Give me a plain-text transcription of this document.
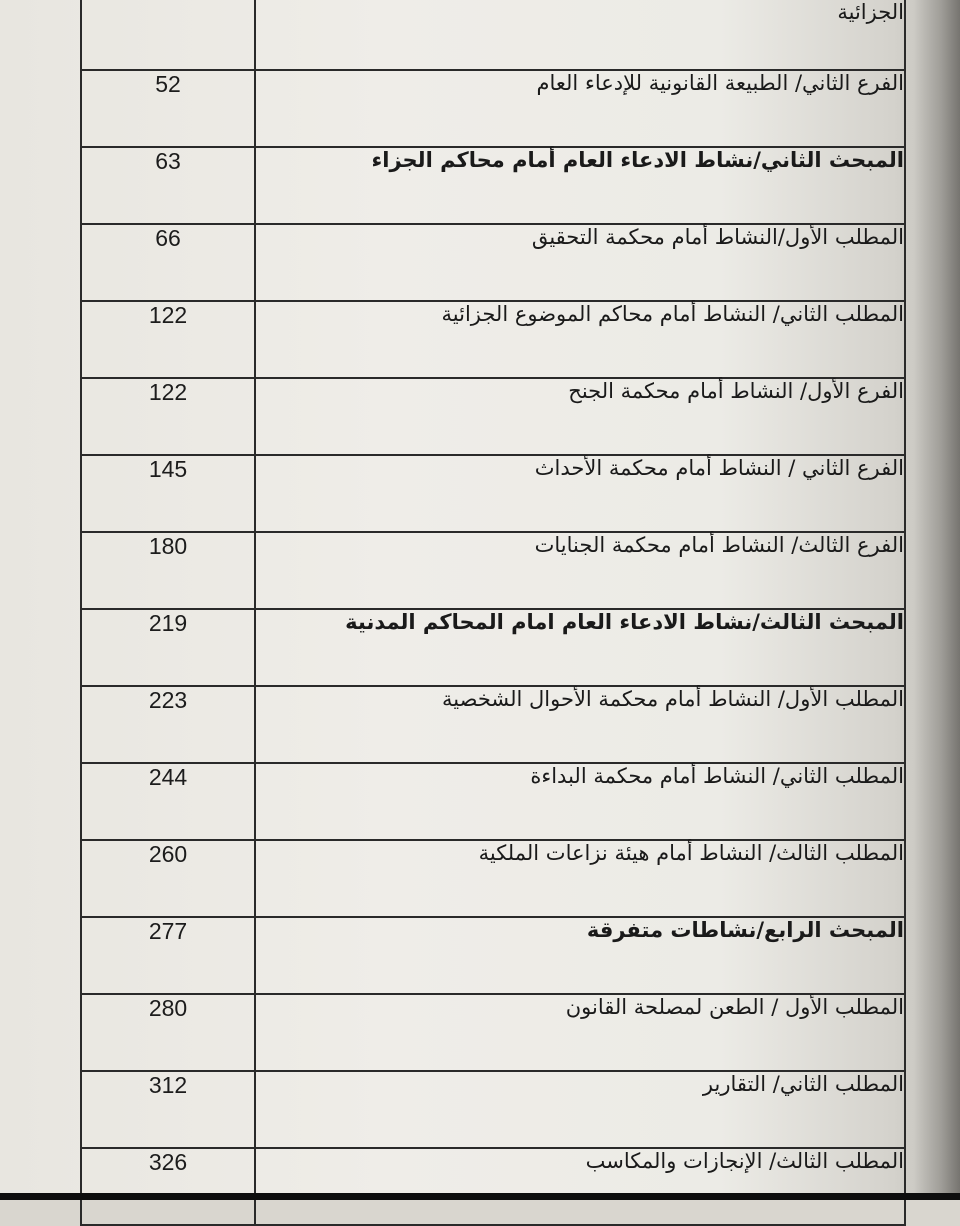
	الجزائية
52	الفرع الثاني/ الطبيعة القانونية للإدعاء العام
63	المبحث الثاني/نشاط الادعاء العام أمام محاكم الجزاء
66	المطلب الأول/النشاط أمام محكمة التحقيق
122	المطلب الثاني/ النشاط أمام محاكم الموضوع الجزائية
122	الفرع الأول/ النشاط أمام محكمة الجنح
145	الفرع الثاني / النشاط أمام محكمة الأحداث
180	الفرع الثالث/ النشاط أمام محكمة الجنايات
219	المبحث الثالث/نشاط الادعاء العام امام المحاكم المدنية
223	المطلب الأول/ النشاط أمام محكمة الأحوال الشخصية
244	المطلب الثاني/ النشاط أمام محكمة البداءة
260	المطلب الثالث/ النشاط أمام هيئة نزاعات الملكية
277	المبحث الرابع/نشاطات متفرقة
280	المطلب الأول / الطعن لمصلحة القانون
312	المطلب الثاني/ التقارير
326	المطلب الثالث/ الإنجازات والمكاسب
